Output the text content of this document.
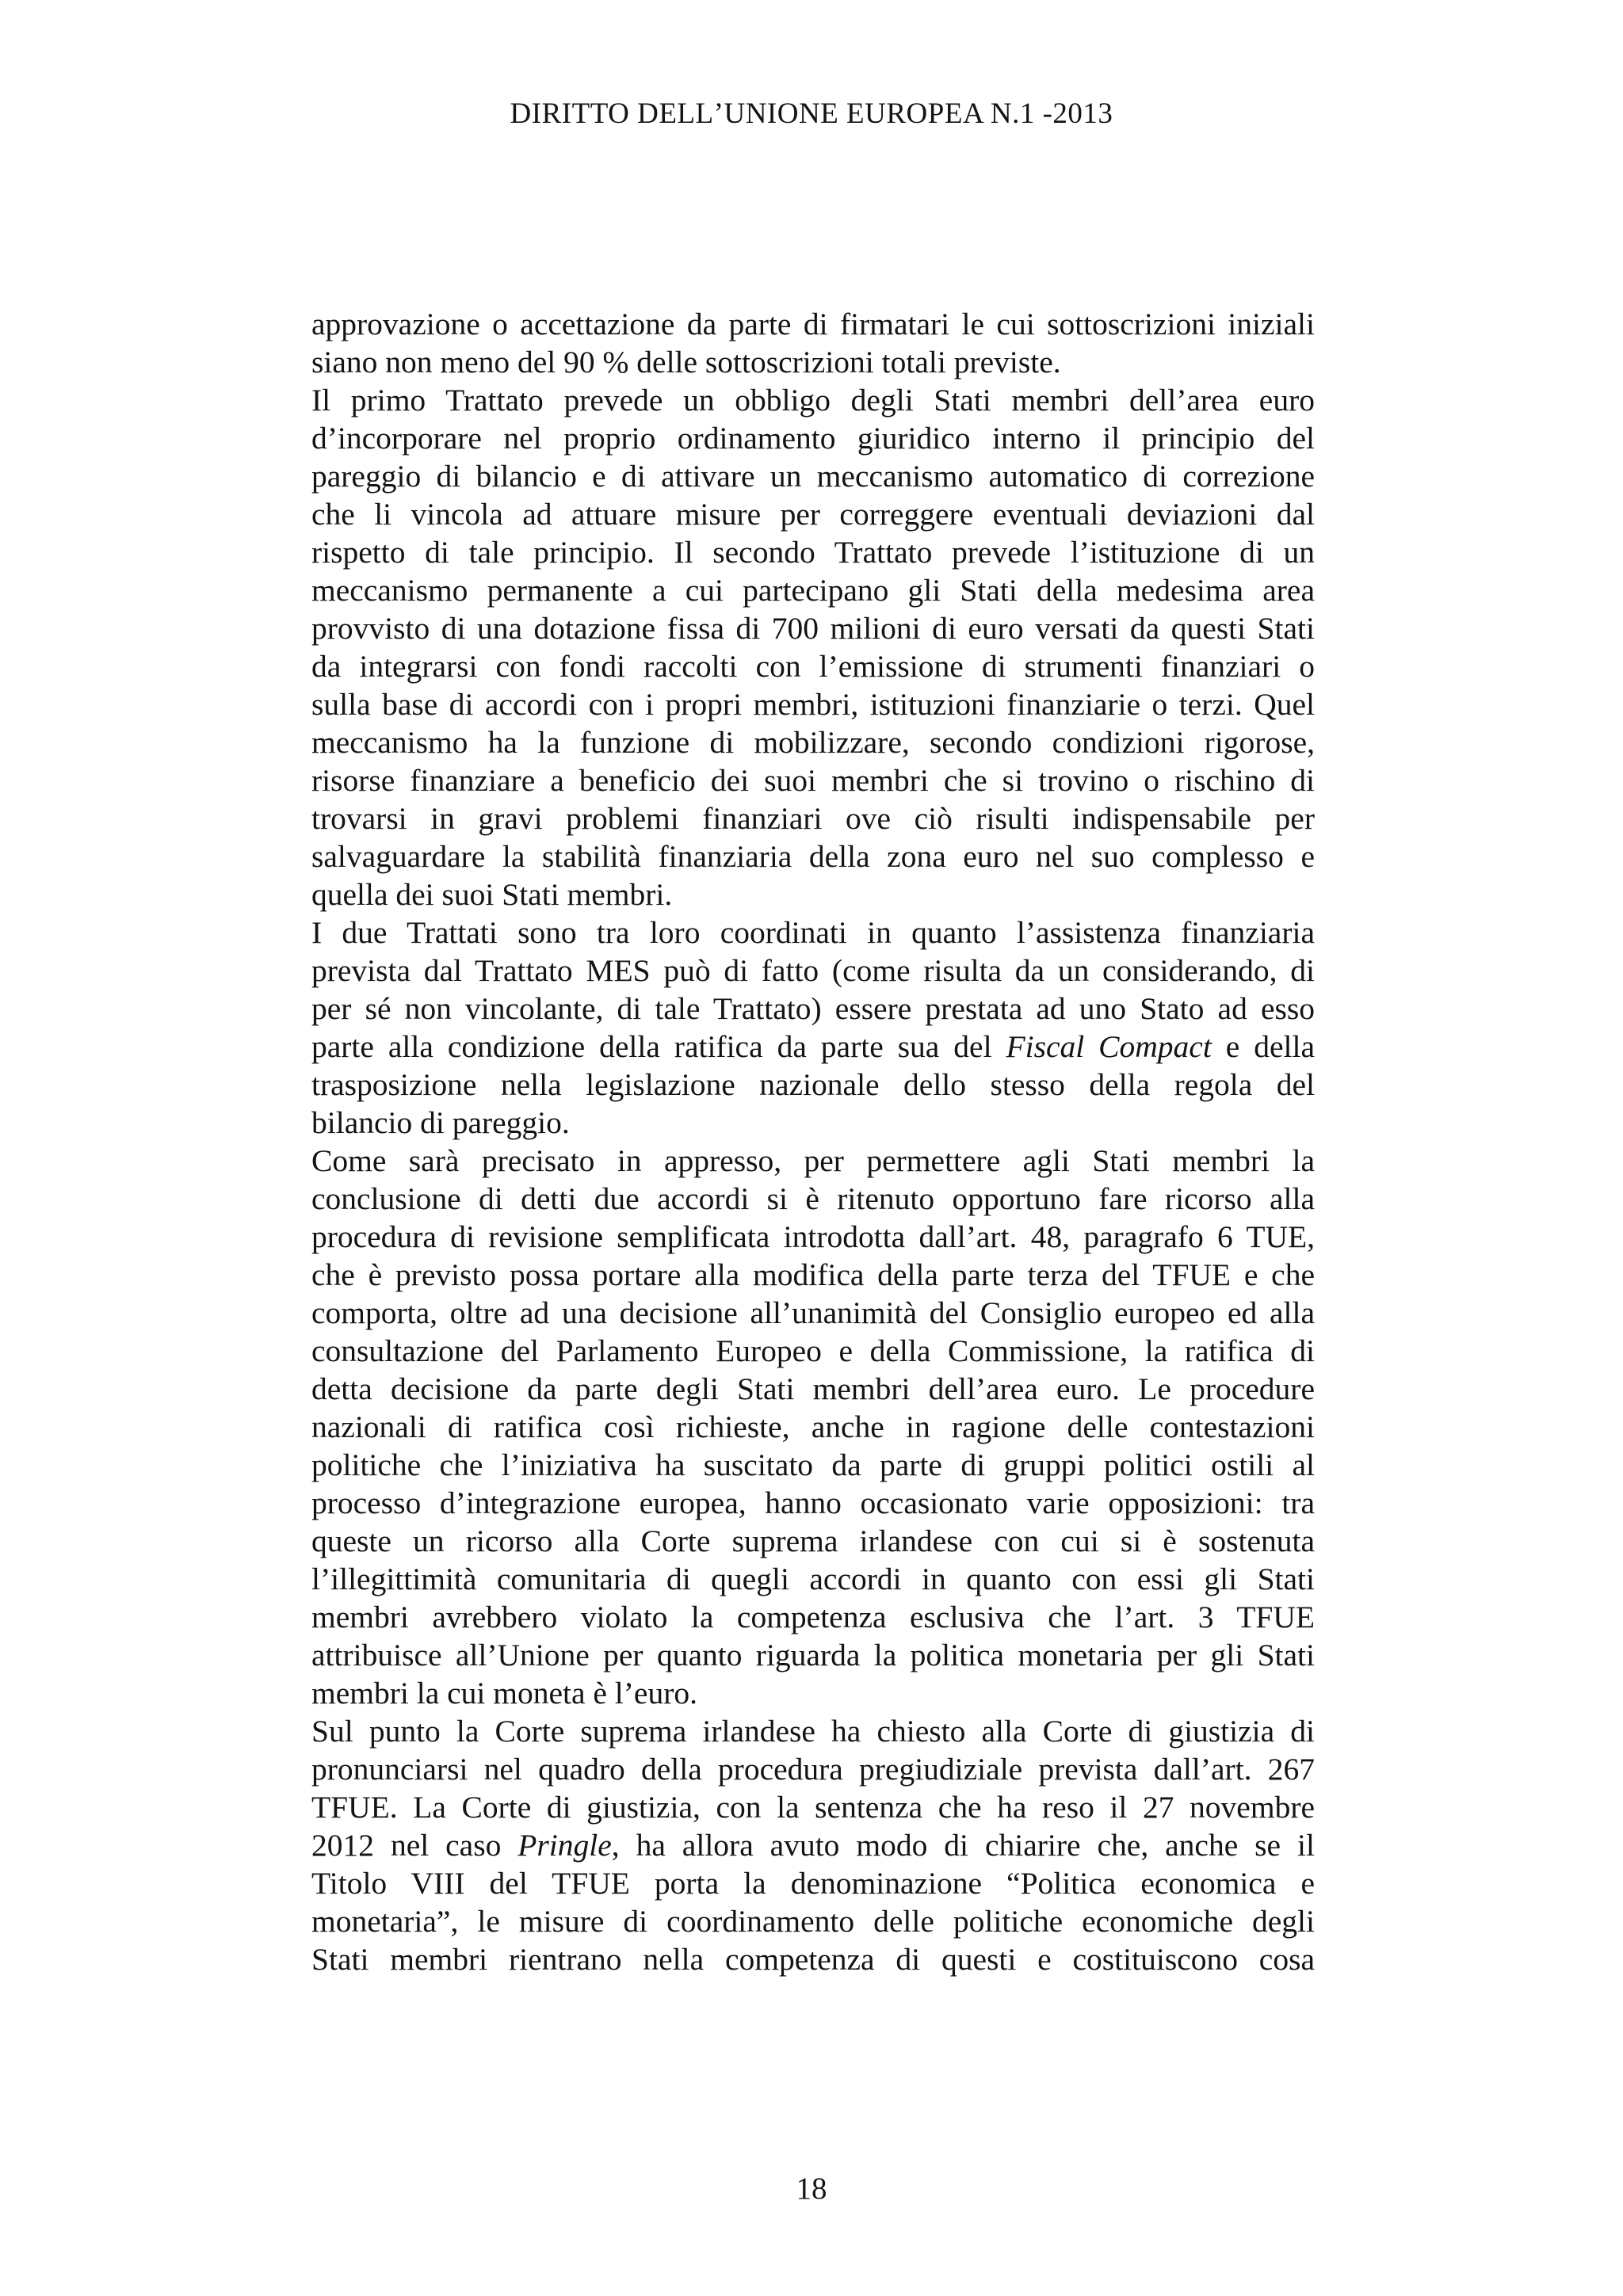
DIRITTO DELL’UNIONE EUROPEA N.1 -2013

approvazione o accettazione da parte di firmatari le cui sottoscrizioni iniziali
siano non meno del 90 % delle sottoscrizioni totali previste.

Il primo Trattato prevede un obbligo degli Stati membri dell’area euro
d’incorporare nel proprio ordinamento giuridico interno il principio del
pareggio di bilancio e di attivare un meccanismo automatico di correzione
che li vincola ad attuare misure per correggere eventuali deviazioni dal
rispetto di tale principio. Il secondo Trattato prevede l’istituzione di un
meccanismo permanente a cui partecipano gli Stati della medesima area
provvisto di una dotazione fissa di 700 milioni di euro versati da questi Stati
da integrarsi con fondi raccolti con l’emissione di strumenti finanziari o
sulla base di accordi con i propri membri, istituzioni finanziarie o terzi. Quel
meccanismo ha la funzione di mobilizzare, secondo condizioni rigorose,
risorse finanziare a beneficio dei suoi membri che si trovino o rischino di
trovarsi in gravi problemi finanziari ove ciò risulti indispensabile per
salvaguardare la stabilità finanziaria della zona euro nel suo complesso e
quella dei suoi Stati membri.

I due Trattati sono tra loro coordinati in quanto l’assistenza finanziaria
prevista dal Trattato MES può di fatto (come risulta da un considerando, di
per sé non vincolante, di tale Trattato) essere prestata ad uno Stato ad esso
parte alla condizione della ratifica da parte sua del Fiscal Compact e della
trasposizione nella legislazione nazionale dello stesso della regola del
bilancio di pareggio.

Come sarà precisato in appresso, per permettere agli Stati membri la
conclusione di detti due accordi si è ritenuto opportuno fare ricorso alla
procedura di revisione semplificata introdotta dall’art. 48, paragrafo 6 TUE,
che è previsto possa portare alla modifica della parte terza del TFUE e che
comporta, oltre ad una decisione all’unanimità del Consiglio europeo ed alla
consultazione del Parlamento Europeo e della Commissione, la ratifica di
detta decisione da parte degli Stati membri dell’area euro. Le procedure
nazionali di ratifica così richieste, anche in ragione delle contestazioni
politiche che l’iniziativa ha suscitato da parte di gruppi politici ostili al
processo d’integrazione europea, hanno occasionato varie opposizioni: tra
queste un ricorso alla Corte suprema irlandese con cui si è sostenuta
l’illegittimità comunitaria di quegli accordi in quanto con essi gli Stati
membri avrebbero violato la competenza esclusiva che l’art. 3 TFUE
attribuisce all’Unione per quanto riguarda la politica monetaria per gli Stati
membri la cui moneta è l’euro.

Sul punto la Corte suprema irlandese ha chiesto alla Corte di giustizia di
pronunciarsi nel quadro della procedura pregiudiziale prevista dall’art. 267
TFUE. La Corte di giustizia, con la sentenza che ha reso il 27 novembre
2012 nel caso Pringle, ha allora avuto modo di chiarire che, anche se il
Titolo VIII del TFUE porta la denominazione “Politica economica e
monetaria”, le misure di coordinamento delle politiche economiche degli
Stati membri rientrano nella competenza di questi e costituiscono cosa

18
